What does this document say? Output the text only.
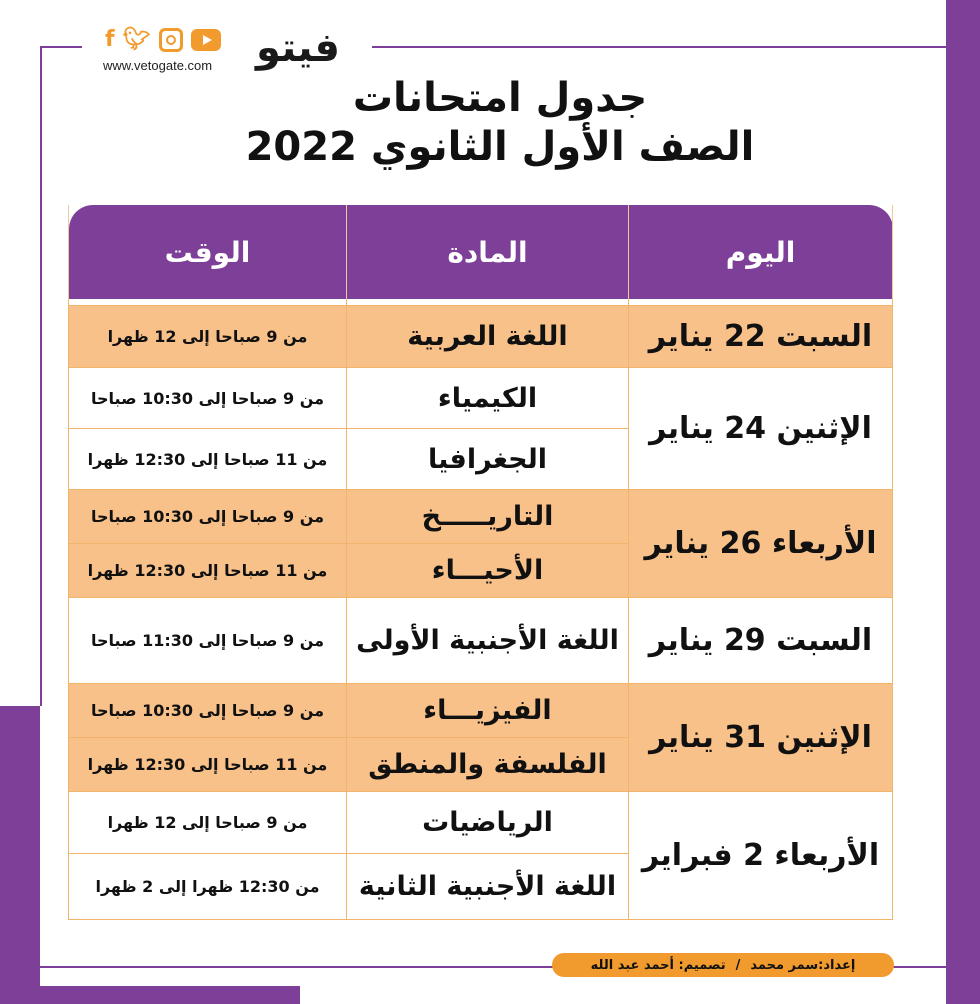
f 🐦︎
www.vetogate.com فيتو
جدول امتحانات
الصف الأول الثانوي 2022
اليوم	المادة	الوقت

السبت 22 يناير	اللغة العربية	من 9 صباحا إلى 12 ظهرا
الإثنين 24 يناير	الكيمياء	من 9 صباحا إلى 10:30 صباحا
	الجغرافيا	من 11 صباحا إلى 12:30 ظهرا
الأربعاء 26 يناير	التاريـــــخ	من 9 صباحا إلى 10:30 صباحا
	الأحيـــاء	من 11 صباحا إلى 12:30 ظهرا
السبت 29 يناير	اللغة الأجنبية الأولى	من 9 صباحا إلى 11:30 صباحا
الإثنين 31 يناير	الفيزيـــاء	من 9 صباحا إلى 10:30 صباحا
	الفلسفة والمنطق	من 11 صباحا إلى 12:30 ظهرا
الأربعاء 2 فبراير	الرياضيات	من 9 صباحا إلى 12 ظهرا
	اللغة الأجنبية الثانية	من 12:30 ظهرا إلى 2 ظهرا
إعداد:سمر محمد
/
تصميم: أحمد عبد الله
